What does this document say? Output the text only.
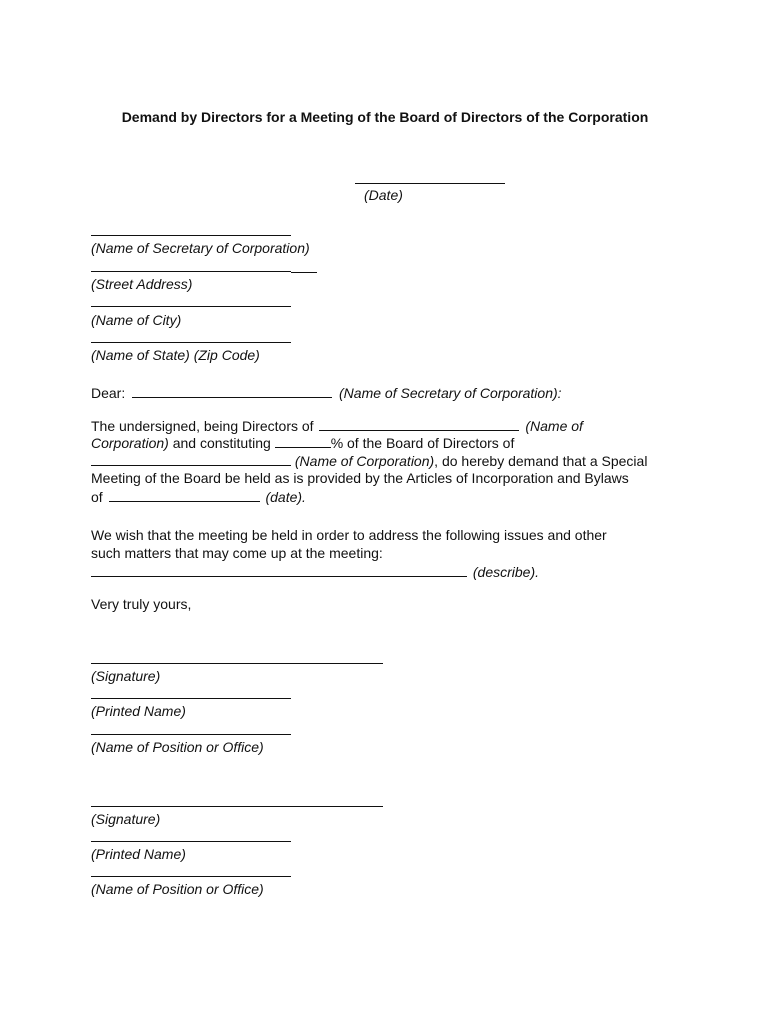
Demand by Directors for a Meeting of the Board of Directors of the Corporation
(Date)
(Name of Secretary of Corporation)
(Street Address)
(Name of City)
(Name of State) (Zip Code)
Dear:	(Name of Secretary of Corporation):
The undersigned, being Directors of	(Name of
Corporation) and constituting	% of the Board of Directors of
(Name of Corporation), do hereby demand that a Special
Meeting of the Board be held as is provided by the Articles of Incorporation and Bylaws
of	(date).
We wish that the meeting be held in order to address the following issues and other
such matters that may come up at the meeting:
(describe).
Very truly yours,
(Signature)
(Printed Name)
(Name of Position or Office)
(Signature)
(Printed Name)
(Name of Position or Office)
